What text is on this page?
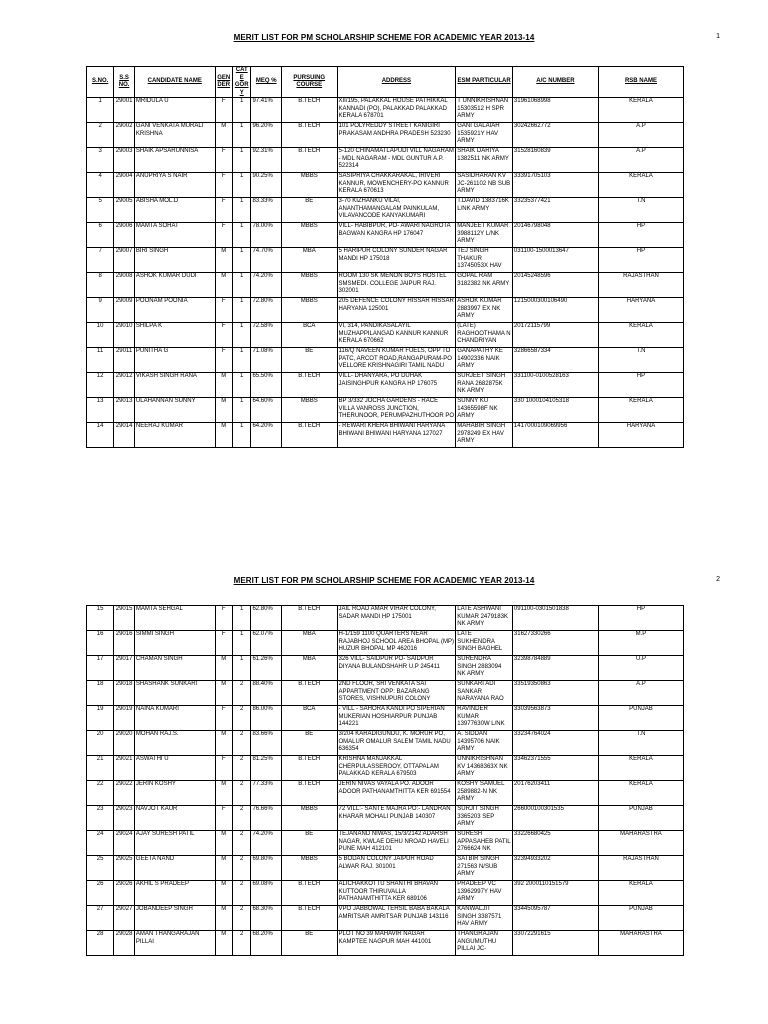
MERIT LIST FOR PM SCHOLARSHIP SCHEME FOR ACADEMIC YEAR 2013-14	1
S.NO.	S.S NO.	CANDIDATE NAME	GEN DER	CATE GORY	MEQ %	PURSUING COURSE	ADDRESS	ESM PARTICULAR	A/C NUMBER	RSB NAME
1	29001	MRIDULA U	F	1	97.41%	B.TECH	XII/195, PALAKKAL HOUSE PATHIKKAL KANNADI (PO), PALAKKAD PALAKKAD KERALA 678701	T UNNIKRISHNAN 15303512 H SPR ARMY	31961068998	KERALA
2	29002	GANI VENKATA MURALI KRISHNA	M	1	96.20%	B.TECH	101 POLYREDDY STREET KANIGIRI PRAKASAM ANDHRA PRADESH 523230	GANI GALAIAH 1535921Y HAV ARMY	30242662772	A.P
3	29003	SHAIK APSARUNNISA	F	1	92.31%	B.TECH	5-120 CHINAMATLAPUDI VILL NAGARAM - MDL NAGARAM - MDL GUNTUR A.P. 522314	SHAIK DARIYA 1382511 NK ARMY	31528160839	A.P
4	29004	ANUPRIYA S NAIR	F	1	90.25%	MBBS	SASIPRIYA CHAKKARAKAL, IRIVERI KANNUR, MOWENCHERY-PO KANNUR KERALA 670613	SASIDHARAN KV JC-261102 NB SUB ARMY	33391705103	KERALA
5	29005	ABISHA MOL.D	F	1	83.33%	BE	3-70 KIZHANKU VILAI, ANANTHAMANGALAM PAINKULAM, VILAVANCODE KANYAKUMARI	T.DAVID 1383716K L/NK ARMY	33235377421	T.N
6	29006	MAMTA SOHAT	F	1	78.00%	MBBS	VILL- HABIBPUR, PO- AWARI NAGROTA BAGWAN KANGRA HP 176047	MANJEET KUMAR 3988112Y L/NK ARMY	20146798048	HP
7	29007	BIRI SINGH	M	1	74.70%	MBA	5 HARIPUR COLONY SUNDER NAGAR MANDI HP 175018	TEJ SINGH THAKUR 13745053X HAV	031100-1500013647	HP
8	29008	ASHOK KUMAR DUDI	M	1	74.20%	MBBS	ROOM 130 SK MENON BOYS HOSTEL SMSMEDI. COLLEGE JAIPUR RAJ. 302001	GOPAL RAM 3182382 NK ARMY	20145248596	RAJASTHAN
9	29009	POONAM POONIA	F	1	72.80%	MBBS	205 DEFENCE COLONY HISSAR HISSAR HARYANA 125001	ASHOK KUMAR 2883997 EX NK ARMY	1215000300106490	HARYANA
10	29010	SHILPA K	F	1	72.58%	BCA	VI, 314, PANDIKASALAYIL MUZHAPPILANGAD KANNUR KANNUR KERALA 670662	(LATE) RAGHOOTHAMA N CHANDRIYAN	20172115799	KERALA
11	29011	PUNITHA G	F	1	71.08%	BE	116/Q NAVEEN KUMAR FUELS, OPP TO PATC, ARCOT ROAD,RANGAPURAM-PO VELLORE KRISHNAGIRI TAMIL NADU	GANAPATHY KE 14902336 NAIK ARMY	32866587334	T.N
12	29012	VIKASH SINGH RANA	M	1	65.50%	B.TECH	VILL- DHANYARA, PO DUHAK JAISINGHPUR KANGRA HP 176075	SURJEET SINGH RANA 2682875K NK ARMY	331100-0100528163	HP
13	29013	ULAHANNAN SUNNY	M	1	64.60%	MBBS	BP 3/332 JOCHA GARDENS - RACE VILLA VANROSS JUNCTION, THERUNOOR, PERUMPAZHUTHOOR PO	SUNNY KU 14365598F NK ARMY	330 1000104105318	KERALA
14	29014	NEERAJ KUMAR	M	1	64.20%	B.TECH	- REWARI KHERA BHIWANI HARYANA BHIWANI BHIWANI HARYANA 127027	MAHABIR SINGH 2978249 EX HAV ARMY	1417000109069956	HARYANA
MERIT LIST FOR PM SCHOLARSHIP SCHEME FOR ACADEMIC YEAR 2013-14	2
15	29015	MAMTA SEHGAL	F	1	62.80%	B.TECH	JAIL ROAD AMAR VIHAR COLONY, SADAR MANDI HP 175001	LATE ASHWANI KUMAR 2479183K NK ARMY	091100-0301501838	HP
16	29016	SIMMI SINGH	F	1	62.07%	MBA	H-1/159 1100 QUARTERS NEAR RAJABHOJ SCHOOL AREA BHOPAL (MP) HUZUR BHOPAL MP 462016	LATE SUKHENDRA SINGH BAGHEL	31627330266	M.P
17	29017	CHAMAN SINGH	M	1	61.26%	MBA	326 VILL- SAIDPUR PO- SAIDPUR DIYANA BULANDSHAHR U.P 245411	SURENDRA SINGH 2883094 NK ARMY	32398784889	U.P
18	29018	SHASHANK SUNKARI	M	2	88.40%	B.TECH	2ND FLOOR, SRI VENKATA SAI APPARTMENT OPP: BAZARANG STORES, VISHNUPURI COLONY	SUNKARI ADI SANKAR NARAYANA RAO	33519350863	A.P
19	29019	NAINA KUMARI	F	2	86.00%	BCA	- VILL - SAHORA KANDI PO SIPERIAN MUKERIAN HOSHIARPUR PUNJAB 144221	RAVINDER KUMAR 13977630W L/NK	33039563873	PUNJAB
20	29020	MOHAN RAJ.S.	M	2	83.66%	BE	3/204 KARADIGUNDU, K. MORUR PO, OMALUR OMALUR SALEM TAMIL NADU 636354	A. SIDDAN 14395706 NAIK ARMY	33234764024	T.N
21	29021	ASWATHI U	F	2	81.25%	B.TECH	KRISHNA MANJAKKAL CHERPULASSEROOY, OTTAPALAM PALAKKAD KERALA 679503	UNNIKRISHNAN KV 14368363X NK ARMY	33462371555	KERALA
22	29022	JERIN KOSHY	M	2	77.33%	B.TECH	JERIN NIVAS VAYALA PO. ADOOR ADOOR PATHANAMTHITTA KER 691554	KOSHY SAMUEL 2589882-N NK ARMY	20176203411	KERALA
23	29023	NAVJOT KAUR	F	2	76.66%	MBBS	72 VILL:- SANTE MAJRA PO:- LANDRAN KHARAR MOHALI PUNJAB 140307	SURJIT SINGH 3365203 SEP ARMY	266000100301535	PUNJAB
24	29024	AJAY SURESH PATIL	M	2	74.20%	BE	TEJANAND NIWAS, 15/3/2142 ADARSH NAGAR, KWLAE DEHU NROAD HAVELI PUNE MAH 412101	SURESH APPASAHEB PATIL 2766624 NK	33226680425	MAHARASTRA
25	29025	GEETA NAND	M	2	69.80%	MBBS	5 BODAN COLONY JAIPUR ROAD ALWAR RAJ. 301001	SATBIR SINGH 271563 N/SUB ARMY	32394933202	RAJASTHAN
26	29026	AKHIL S PRADEEP	M	2	69.08%	B.TECH	ALICHAKKOTTU SHANTHI BHAVAN KUTTOOR THIRUVALLA PATHANAMTHITTA KER 689106	PRADEEP VC 13962997Y HAV ARMY	392 2000110151579	KERALA
27	29027	JOBANDEEP SINGH	M	2	68.30%	B.TECH	VPO JABBOWAL TEHSIL BABA BAKALA AMRITSAR AMRITSAR PUNJAB 143116	KANWALJIT SINGH 3387571 HAV ARMY	33445095787	PUNJAB
28	29028	AMAN THANGARAJAN PILLAI	M	2	68.20%	BE	PLOT NO 39 MAHAVIR NAGAR KAMPTEE NAGPUR MAH 441001	THANGRAJAN ANGUMUTHU PILLAI JC-	33072291615	MAHARASTRA
